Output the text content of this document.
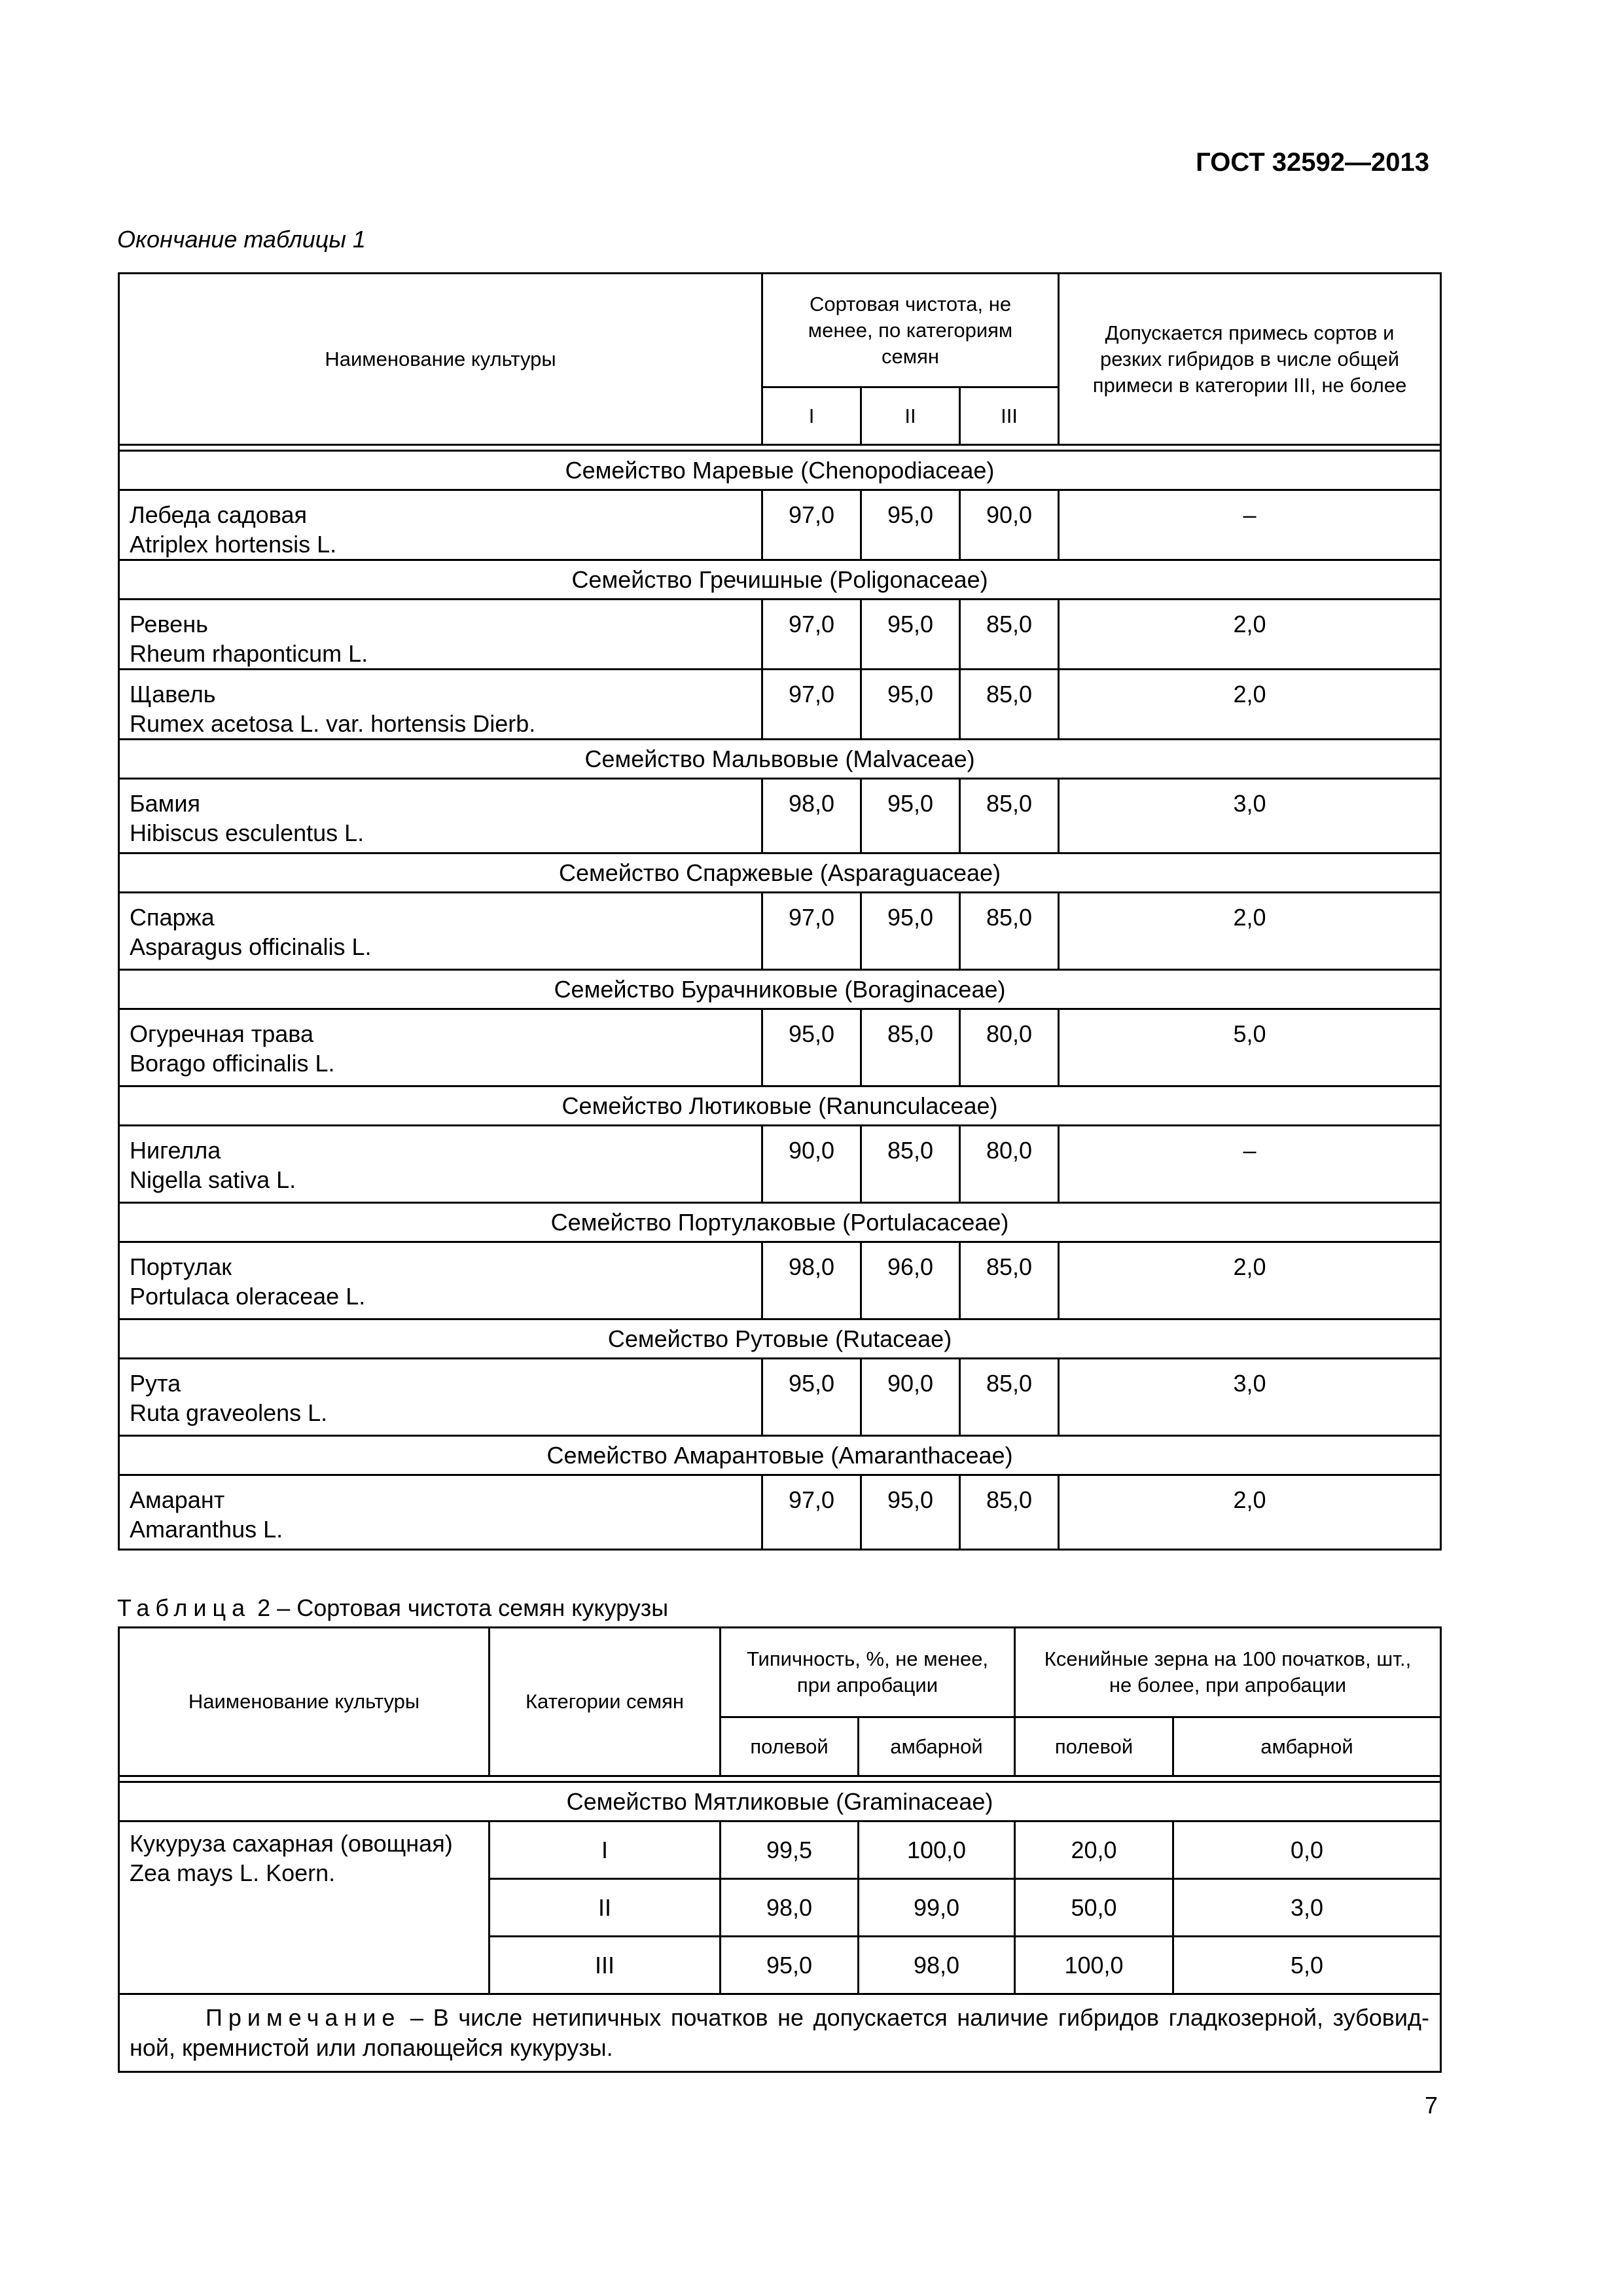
ГОСТ 32592—2013
Окончание таблицы 1
Наименование культуры	Сортовая чистота, не менее, по категориям семян			Допускается примесь сортов и резких гибридов в числе общей примеси в категории III, не более
	I	II	III	

Семейство Маревые (Chenopodiaceae)				

Лебеда садовая
Atriplex hortensis L.	97,0	95,0	90,0	–
Семейство Гречишные (Poligonaceae)				

Ревень
Rheum rhaponticum L.	97,0	95,0	85,0	2,0

Щавель
Rumex acetosa L. var. hortensis Dierb.	97,0	95,0	85,0	2,0
Семейство Мальвовые (Malvaceae)				

Бамия
Hibiscus esculentus L.	98,0	95,0	85,0	3,0
Семейство Спаржевые (Asparaguaceae)				

Спаржа
Asparagus officinalis L.	97,0	95,0	85,0	2,0
Семейство Бурачниковые (Boraginaceae)				

Огуречная трава
Borago officinalis L.	95,0	85,0	80,0	5,0
Семейство Лютиковые (Ranunculaceae)				

Нигелла
Nigella sativa L.	90,0	85,0	80,0	–
Семейство Портулаковые (Portulacaceae)				

Портулак
Portulaca oleraceae L.	98,0	96,0	85,0	2,0
Семейство Рутовые (Rutaceae)				

Рута
Ruta graveolens L.	95,0	90,0	85,0	3,0
Семейство Амарантовые (Amaranthaceae)				

Амарант
Amaranthus L.	97,0	95,0	85,0	2,0
Таблица 2 – Сортовая чистота семян кукурузы
Наименование культуры	Категории семян	Типичность, %, не менее, при апробации		Ксенийные зерна на 100 початков, шт., не более, при апробации	
		полевой	амбарной	полевой	амбарной

Семейство Мятликовые (Graminaceae)					

Кукуруза сахарная (овощная)
Zea mays L. Koern.	I	99,5	100,0	20,0	0,0
	II	98,0	99,0	50,0	3,0
	III	95,0	98,0	100,0	5,0
Примечание – В числе нетипичных початков не допускается наличие гибридов гладкозерной, зубовидной, кремнистой или лопающейся кукурузы.					
7
